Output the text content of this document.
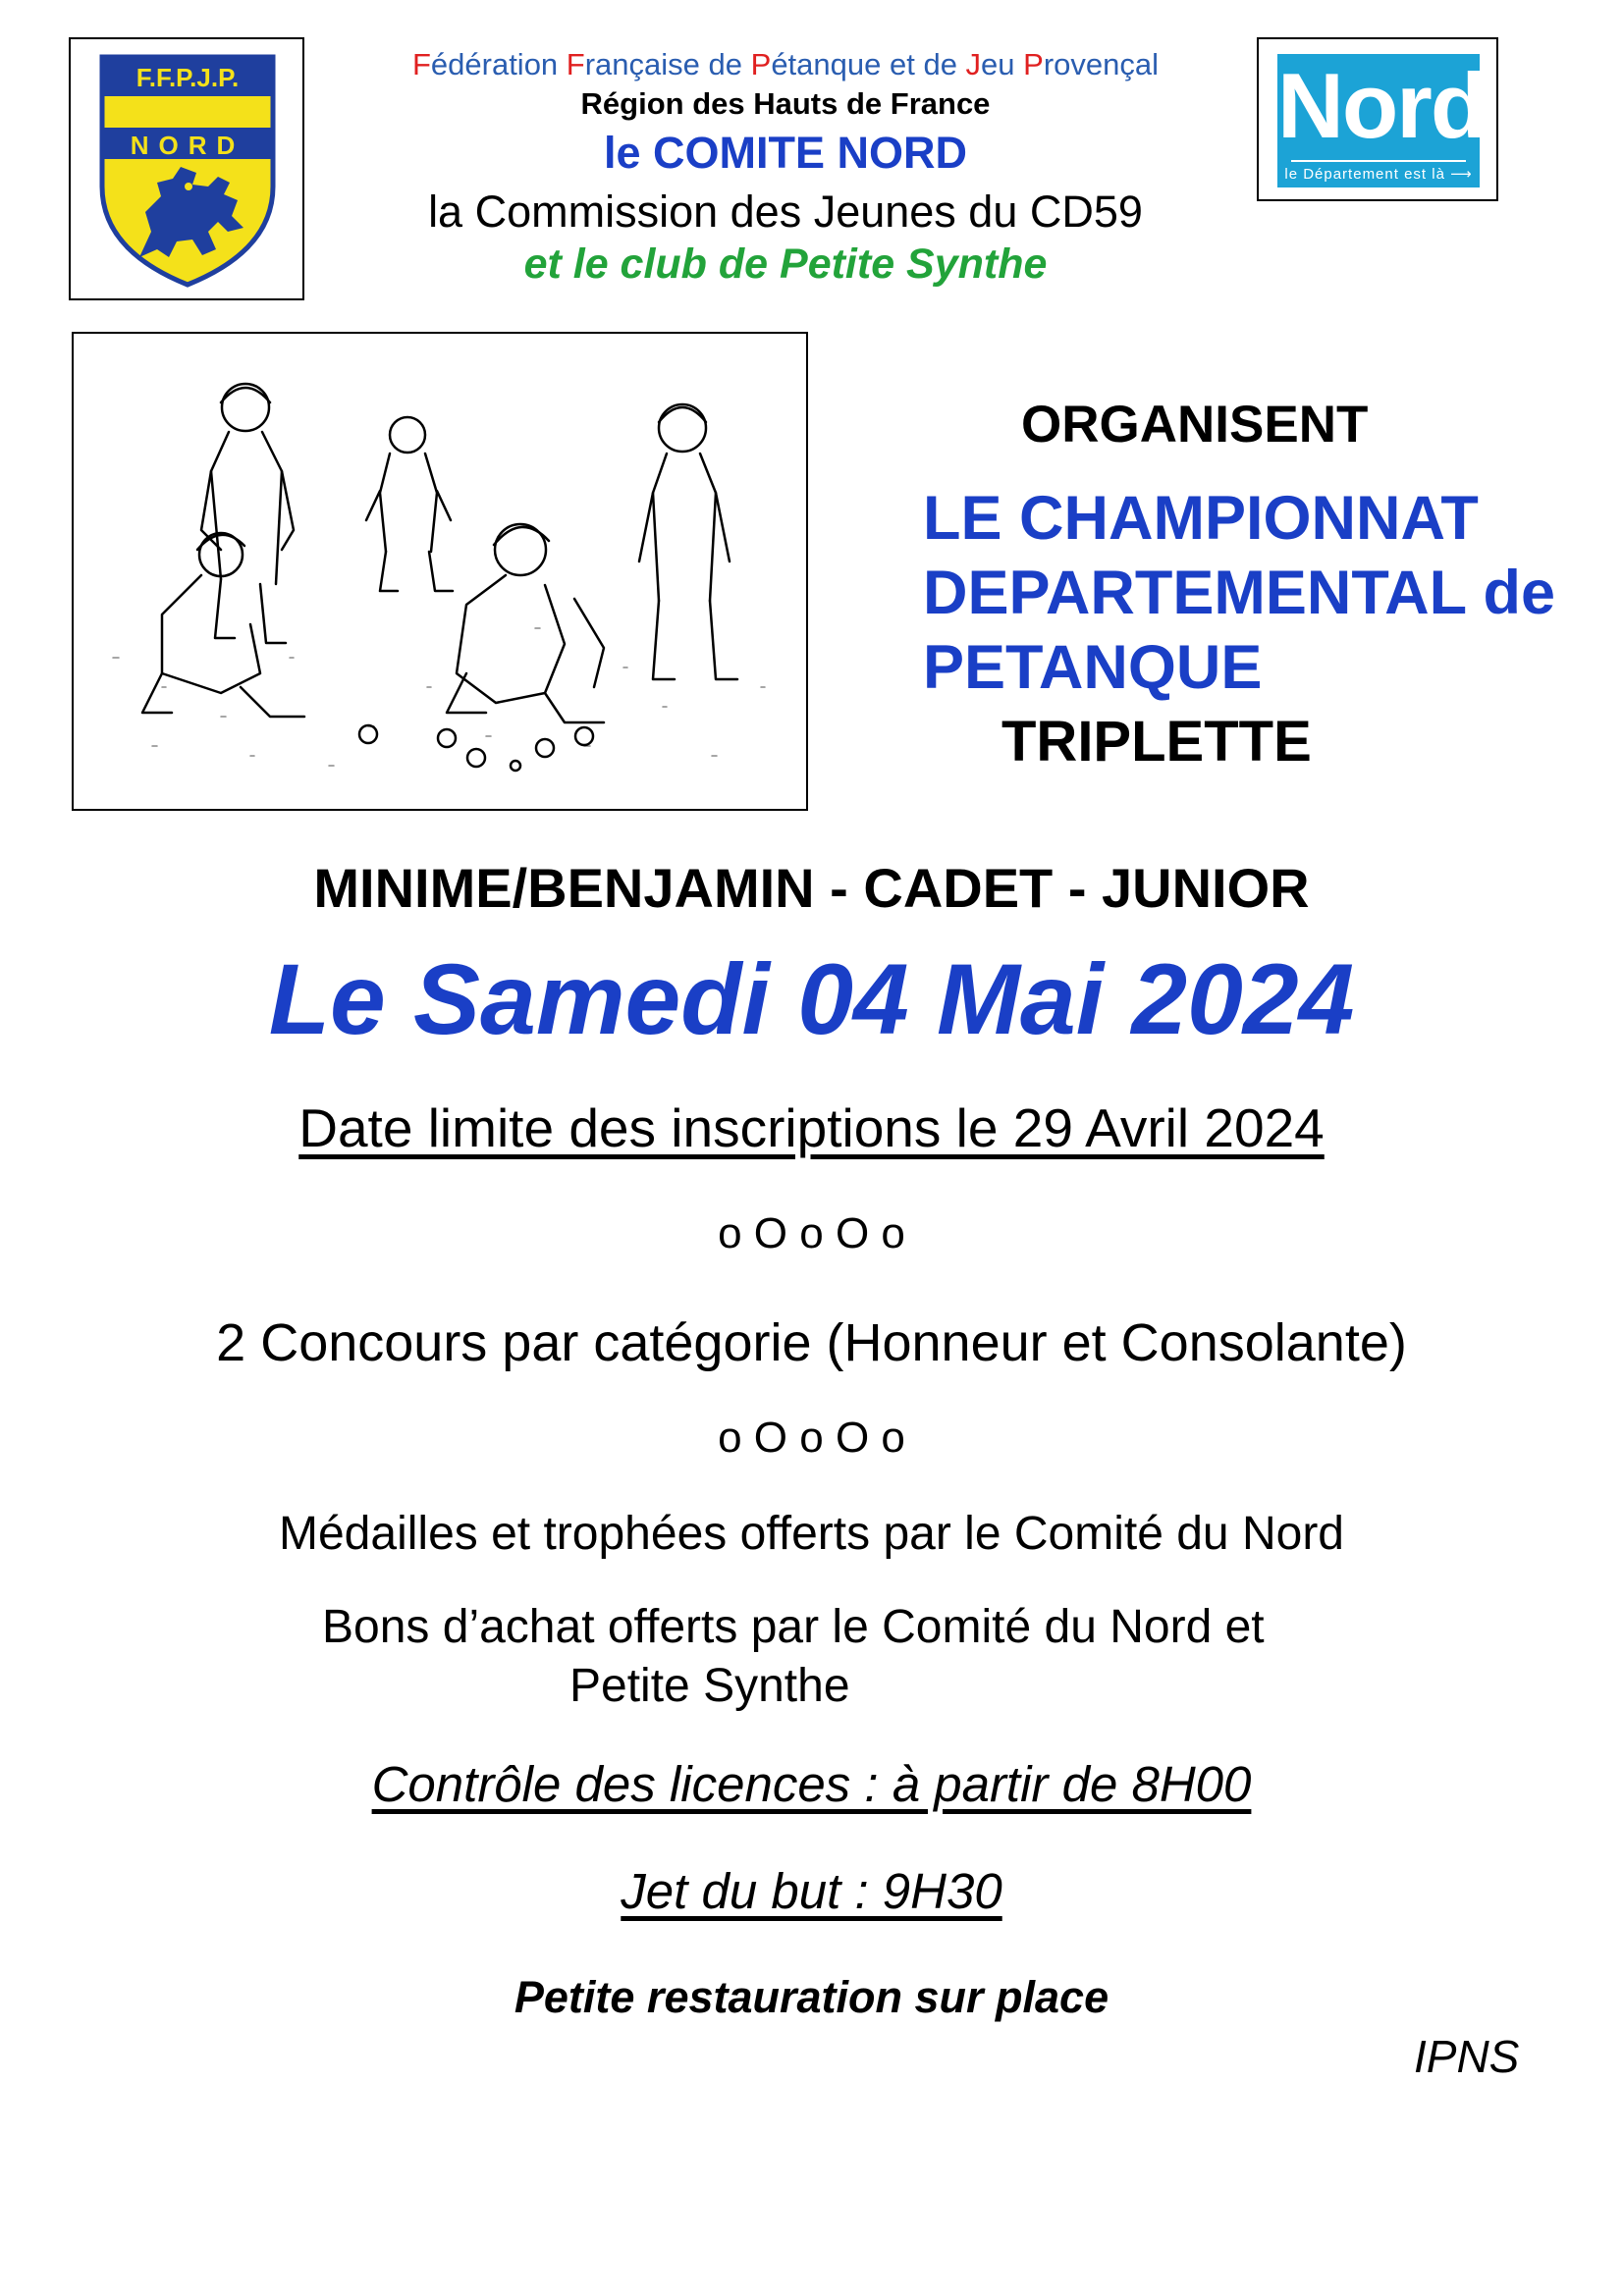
F.F.P.J.P.
NORD
Fédération Française de Pétanque et de Jeu Provençal
Région des Hauts de France
le COMITE NORD
la Commission des Jeunes du CD59
et le club de Petite Synthe
Nord
le Département est là ⟶
ORGANISENT
LE CHAMPIONNAT
DEPARTEMENTAL de
PETANQUE
TRIPLETTE
MINIME/BENJAMIN - CADET - JUNIOR
Le Samedi 04 Mai 2024
Date limite des inscriptions le 29 Avril 2024
o O o O o
2 Concours par catégorie (Honneur et Consolante)
o O o O o
Médailles et trophées offerts par le Comité du Nord
Bons d’achat offerts par le Comité du Nord et
Petite Synthe
Contrôle des licences : à partir de 8H00
Jet du but : 9H30
Petite restauration sur place
IPNS
